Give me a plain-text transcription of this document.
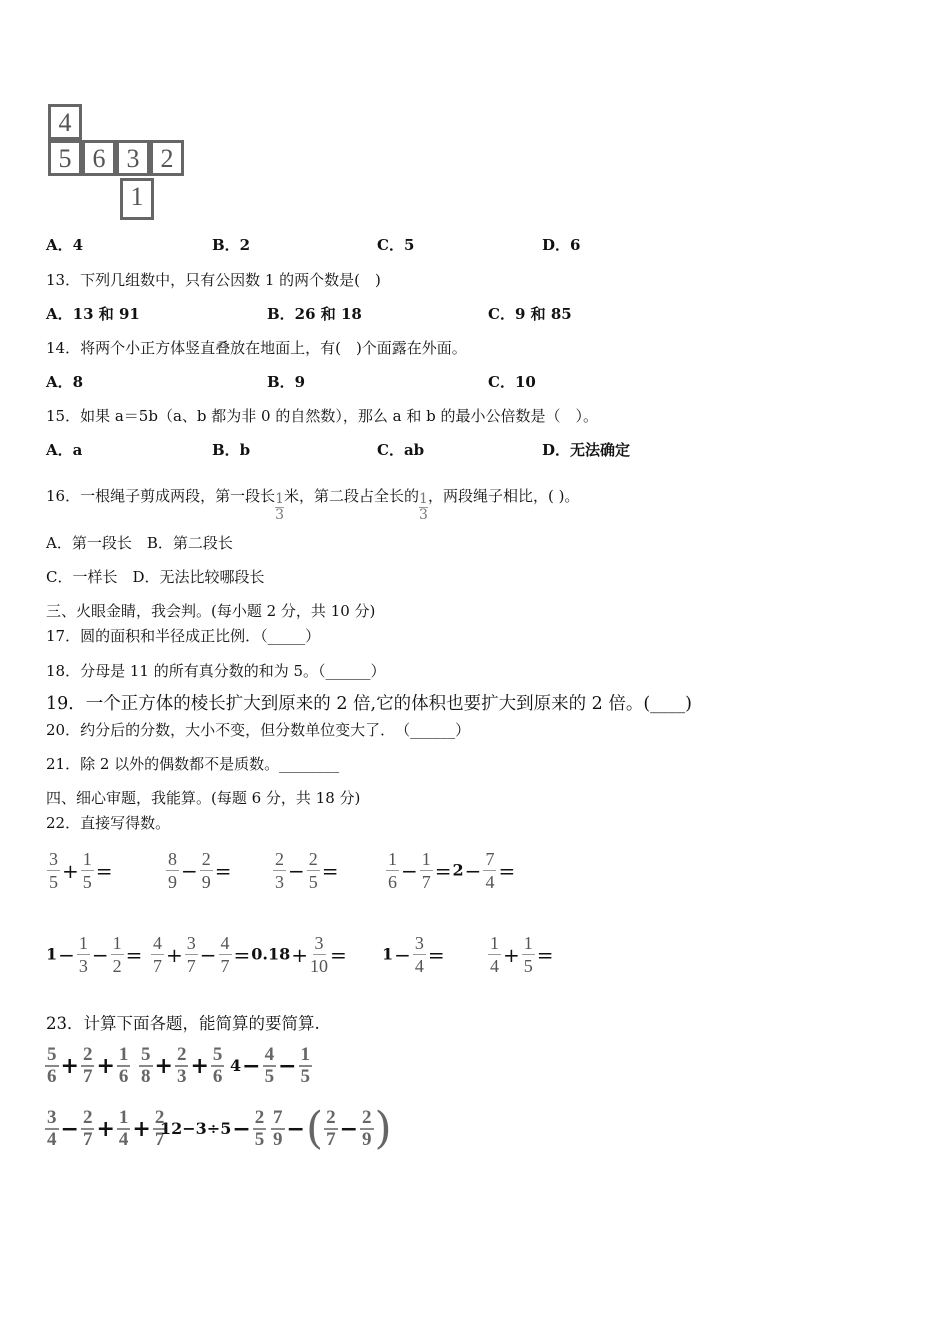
4
5 6 3 2
1
A．4	B．2	C．5	D．6
13．下列几组数中，只有公因数 1 的两个数是(　)
A．13 和 91	B．26 和 18	C．9 和 85
14．将两个小正方体竖直叠放在地面上，有(　)个面露在外面。
A．8	B．9	C．10
15．如果 a＝5b（a、b 都为非 0 的自然数），那么 a 和 b 的最小公倍数是（　）。
A．a	B．b	C．ab	D．无法确定
16．一根绳子剪成两段，第一段长 $\frac{1}{3}$ 米，第二段占全长的 $\frac{1}{3}$ ，两段绳子相比，( )。
A．第一段长　B．第二段长
C．一样长　D．无法比较哪段长
三、火眼金睛，我会判。(每小题 2 分，共 10 分)
17．圆的面积和半径成正比例．（_____）
18．分母是 11 的所有真分数的和为 5。（______）
19．一个正方体的棱长扩大到原来的 2 倍,它的体积也要扩大到原来的 2 倍。(____)
20．约分后的分数，大小不变，但分数单位变大了．　（______）
21．除 2 以外的偶数都不是质数。________
四、细心审题，我能算。(每题 6 分，共 18 分)
22．直接写得数。
$\frac{3}{5} + \frac{1}{5}$ =	$\frac{8}{9} - \frac{2}{9} = \frac{2}{3} - \frac{2}{5}$ =	$\frac{1}{6} - \frac{1}{7} =2- \frac{7}{4}$ =
$1- \frac{1}{3} - \frac{1}{2} = \frac{4}{7} + \frac{3}{7} - \frac{4}{7} =0.18+ \frac{3}{10} = 1- \frac{3}{4} = \frac{1}{4} + \frac{1}{5}$ =
23．计算下面各题，能简算的要简算.
$\frac{5}{6} + \frac{2}{7} + \frac{1}{6} \frac{5}{8} + \frac{2}{3} + \frac{5}{6} 4- \frac{4}{5} - \frac{1}{5}$
$\frac{3}{4} - \frac{2}{7} + \frac{1}{4} + \frac{2}{7}$
$12-3\div 5- \frac{2}{5} \frac{7}{9}$ −( $\frac{2}{7} - \frac{2}{9}$ )
